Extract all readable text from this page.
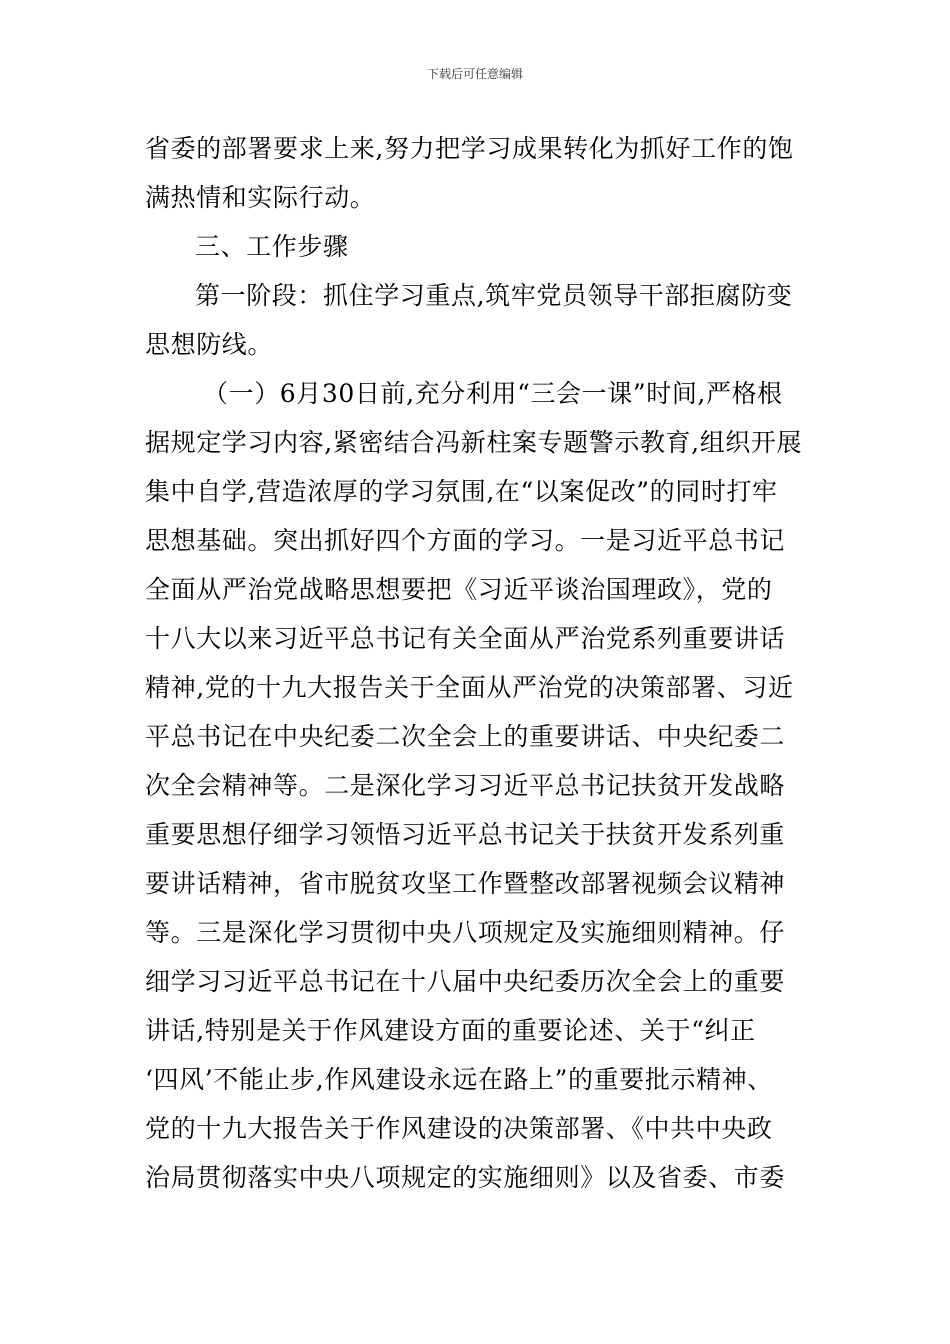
下载后可任意编辑
省委的部署要求上来,努力把学习成果转化为抓好工作的饱
满热情和实际行动。
三、工作步骤
第一阶段：抓住学习重点,筑牢党员领导干部拒腐防变
思想防线。
（一）6月30日前,充分利用“三会一课”时间,严格根
据规定学习内容,紧密结合冯新柱案专题警示教育,组织开展
集中自学,营造浓厚的学习氛围,在“以案促改”的同时打牢
思想基础。突出抓好四个方面的学习。一是习近平总书记
全面从严治党战略思想要把《习近平谈治国理政》，党的
十八大以来习近平总书记有关全面从严治党系列重要讲话
精神,党的十九大报告关于全面从严治党的决策部署、习近
平总书记在中央纪委二次全会上的重要讲话、中央纪委二
次全会精神等。二是深化学习习近平总书记扶贫开发战略
重要思想仔细学习领悟习近平总书记关于扶贫开发系列重
要讲话精神，省市脱贫攻坚工作暨整改部署视频会议精神
等。三是深化学习贯彻中央八项规定及实施细则精神。仔
细学习习近平总书记在十八届中央纪委历次全会上的重要
讲话,特别是关于作风建设方面的重要论述、关于“纠正
‘四风’不能止步,作风建设永远在路上”的重要批示精神、
党的十九大报告关于作风建设的决策部署、《中共中央政
治局贯彻落实中央八项规定的实施细则》以及省委、市委
